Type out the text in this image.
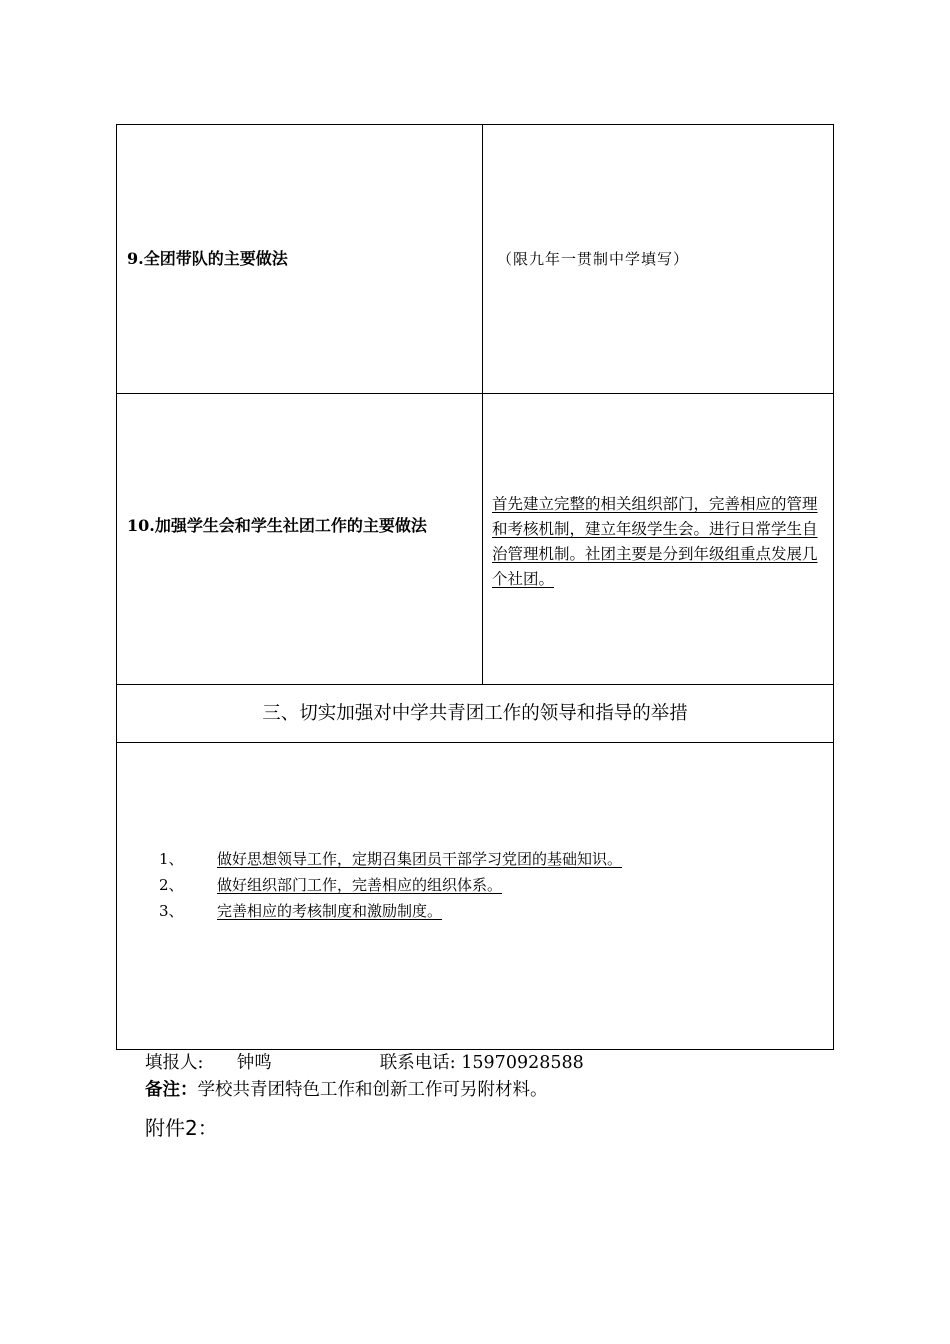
9.全团带队的主要做法	（限九年一贯制中学填写）
10.加强学生会和学生社团工作的主要做法
首先建立完整的相关组织部门，完善相应的管理和考核机制，建立年级学生会。进行日常学生自治管理机制。社团主要是分到年级组重点发展几个社团。
三、切实加强对中学共青团工作的领导和指导的举措
1、 做好思想领导工作，定期召集团员干部学习党团的基础知识。
2、 做好组织部门工作，完善相应的组织体系。
3、 完善相应的考核制度和激励制度。
填报人: 钟鸣	联系电话: 15970928588
备注：学校共青团特色工作和创新工作可另附材料。
附件2：
